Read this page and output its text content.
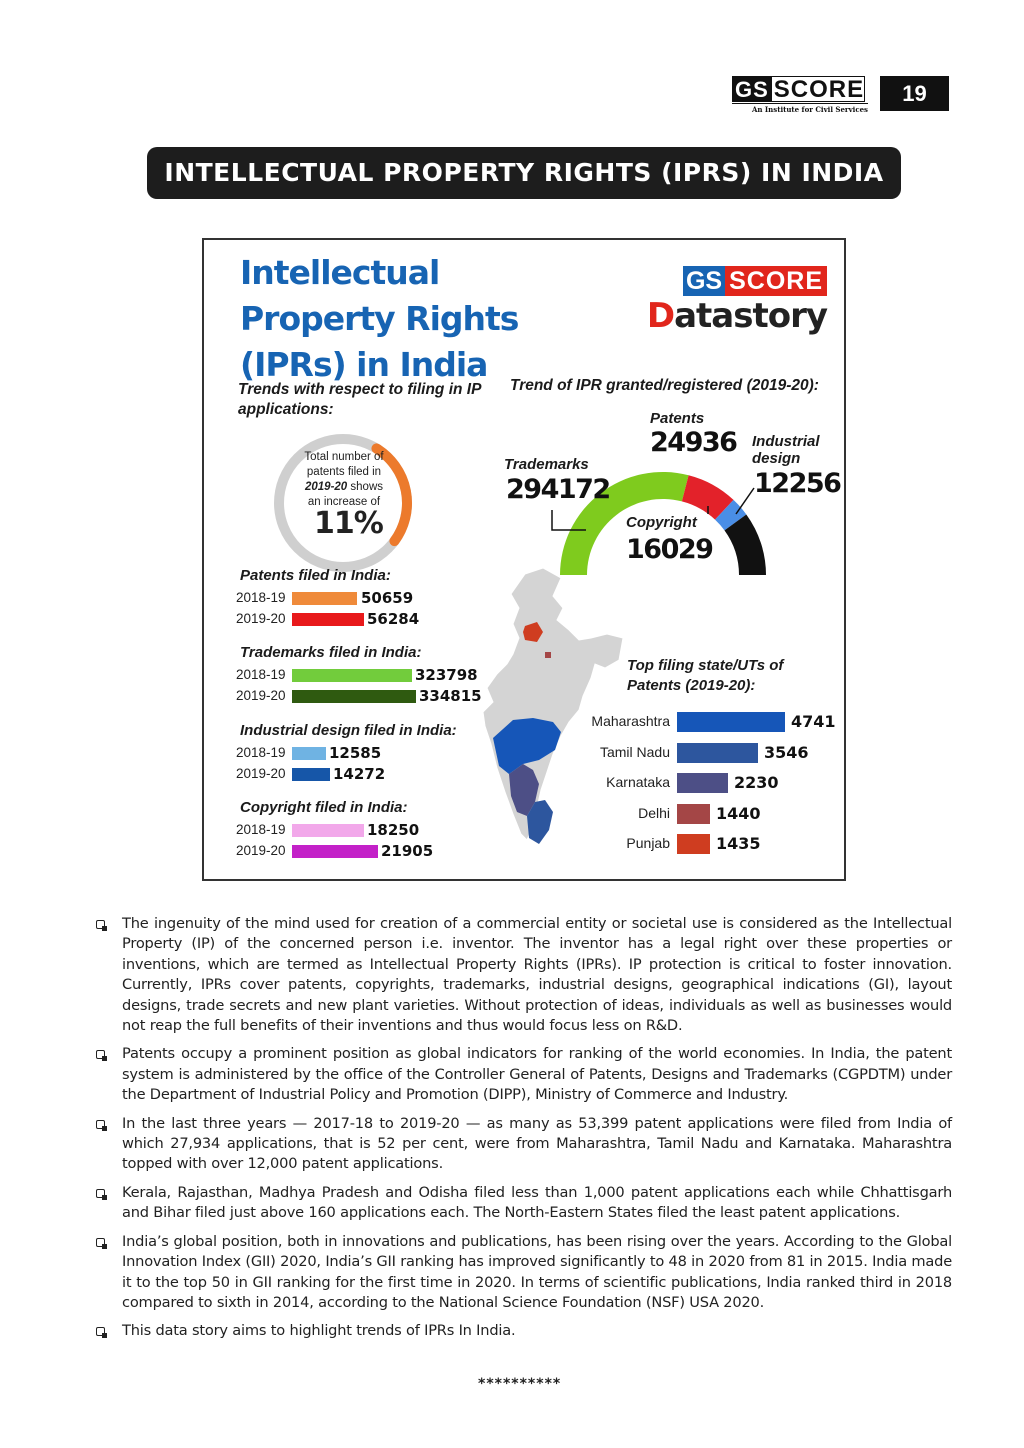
GS SCORE
An Institute for Civil Services
19
INTELLECTUAL PROPERTY RIGHTS (IPRS) IN INDIA
Intellectual
Property Rights
(IPRs) in India
GS SCORE
Datastory
Trends with respect to filing in IP applications:
Trend of IPR granted/registered (2019-20):
Total number of
patents filed in
2019-20 shows
an increase of
11%
Patents filed in India:
2018-19	50659
2019-20	56284
Trademarks filed in India:
2018-19	323798
2019-20	334815
Industrial design filed in India:
2018-19	12585
2019-20	14272
Copyright filed in India:
2018-19	18250
2019-20	21905
Patents
24936
Trademarks
294172
Industrial design
12256
Copyright
16029
Top filing state/UTs of Patents (2019-20):
Maharashtra	4741
Tamil Nadu	3546
Karnataka	2230
Delhi	1440
Punjab	1435
The ingenuity of the mind used for creation of a commercial entity or societal use is considered as the Intellectual Property (IP) of the concerned person i.e. inventor. The inventor has a legal right over these properties or inventions, which are termed as Intellectual Property Rights (IPRs). IP protection is critical to foster innovation. Currently, IPRs cover patents, copyrights, trademarks, industrial designs, geographical indications (GI), layout designs, trade secrets and new plant varieties. Without protection of ideas, individuals as well as businesses would not reap the full benefits of their inventions and thus would focus less on R&D.
Patents occupy a prominent position as global indicators for ranking of the world economies. In India, the patent system is administered by the office of the Controller General of Patents, Designs and Trademarks (CGPDTM) under the Department of Industrial Policy and Promotion (DIPP), Ministry of Commerce and Industry.
In the last three years — 2017-18 to 2019-20 — as many as 53,399 patent applications were filed from India of which 27,934 applications, that is 52 per cent, were from Maharashtra, Tamil Nadu and Karnataka. Maharashtra topped with over 12,000 patent applications.
Kerala, Rajasthan, Madhya Pradesh and Odisha filed less than 1,000 patent applications each while Chhattisgarh and Bihar filed just above 160 applications each. The North-Eastern States filed the least patent applications.
India’s global position, both in innovations and publications, has been rising over the years. According to the Global Innovation Index (GII) 2020, India’s GII ranking has improved significantly to 48 in 2020 from 81 in 2015. India made it to the top 50 in GII ranking for the first time in 2020. In terms of scientific publications, India ranked third in 2018 compared to sixth in 2014, according to the National Science Foundation (NSF) USA 2020.
This data story aims to highlight trends of IPRs In India.
**********
